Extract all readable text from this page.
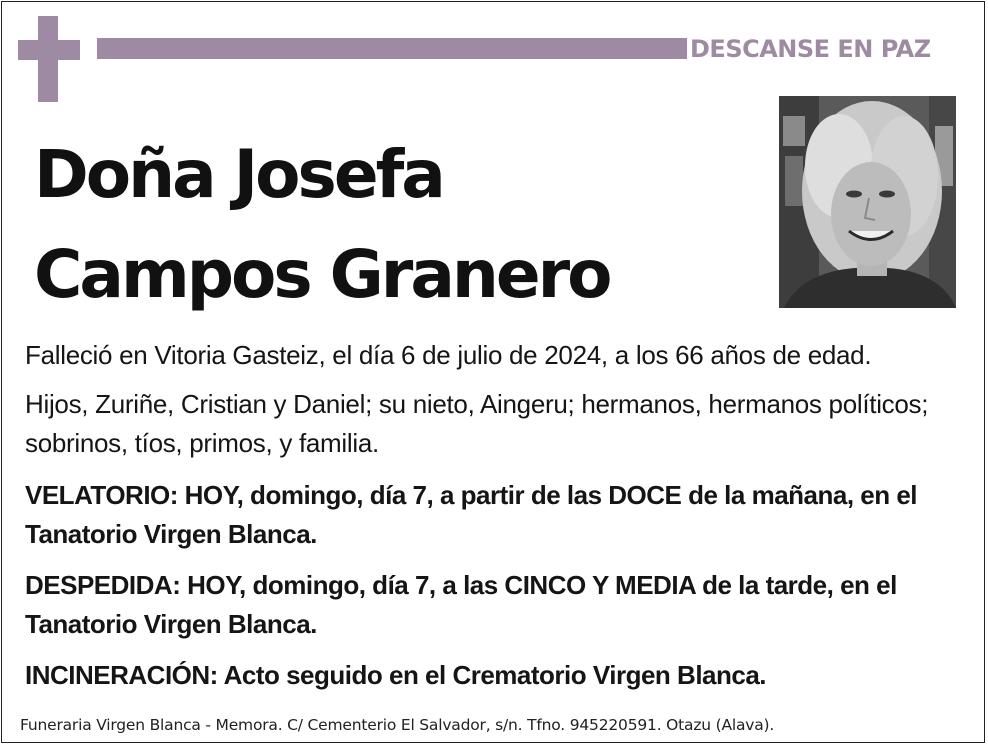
DESCANSE EN PAZ
Doña Josefa
Campos Granero
Falleció en Vitoria Gasteiz, el día 6 de julio de 2024, a los 66 años de edad.
Hijos, Zuriñe, Cristian y Daniel; su nieto, Aingeru; hermanos, hermanos políticos; sobrinos, tíos, primos, y familia.
VELATORIO: HOY, domingo, día 7, a partir de las DOCE de la mañana, en el Tanatorio Virgen Blanca.
DESPEDIDA: HOY, domingo, día 7, a las CINCO Y MEDIA de la tarde, en el Tanatorio Virgen Blanca.
INCINERACIÓN: Acto seguido en el Crematorio Virgen Blanca.
Funeraria Virgen Blanca - Memora. C/ Cementerio El Salvador, s/n. Tfno. 945220591. Otazu (Alava).
